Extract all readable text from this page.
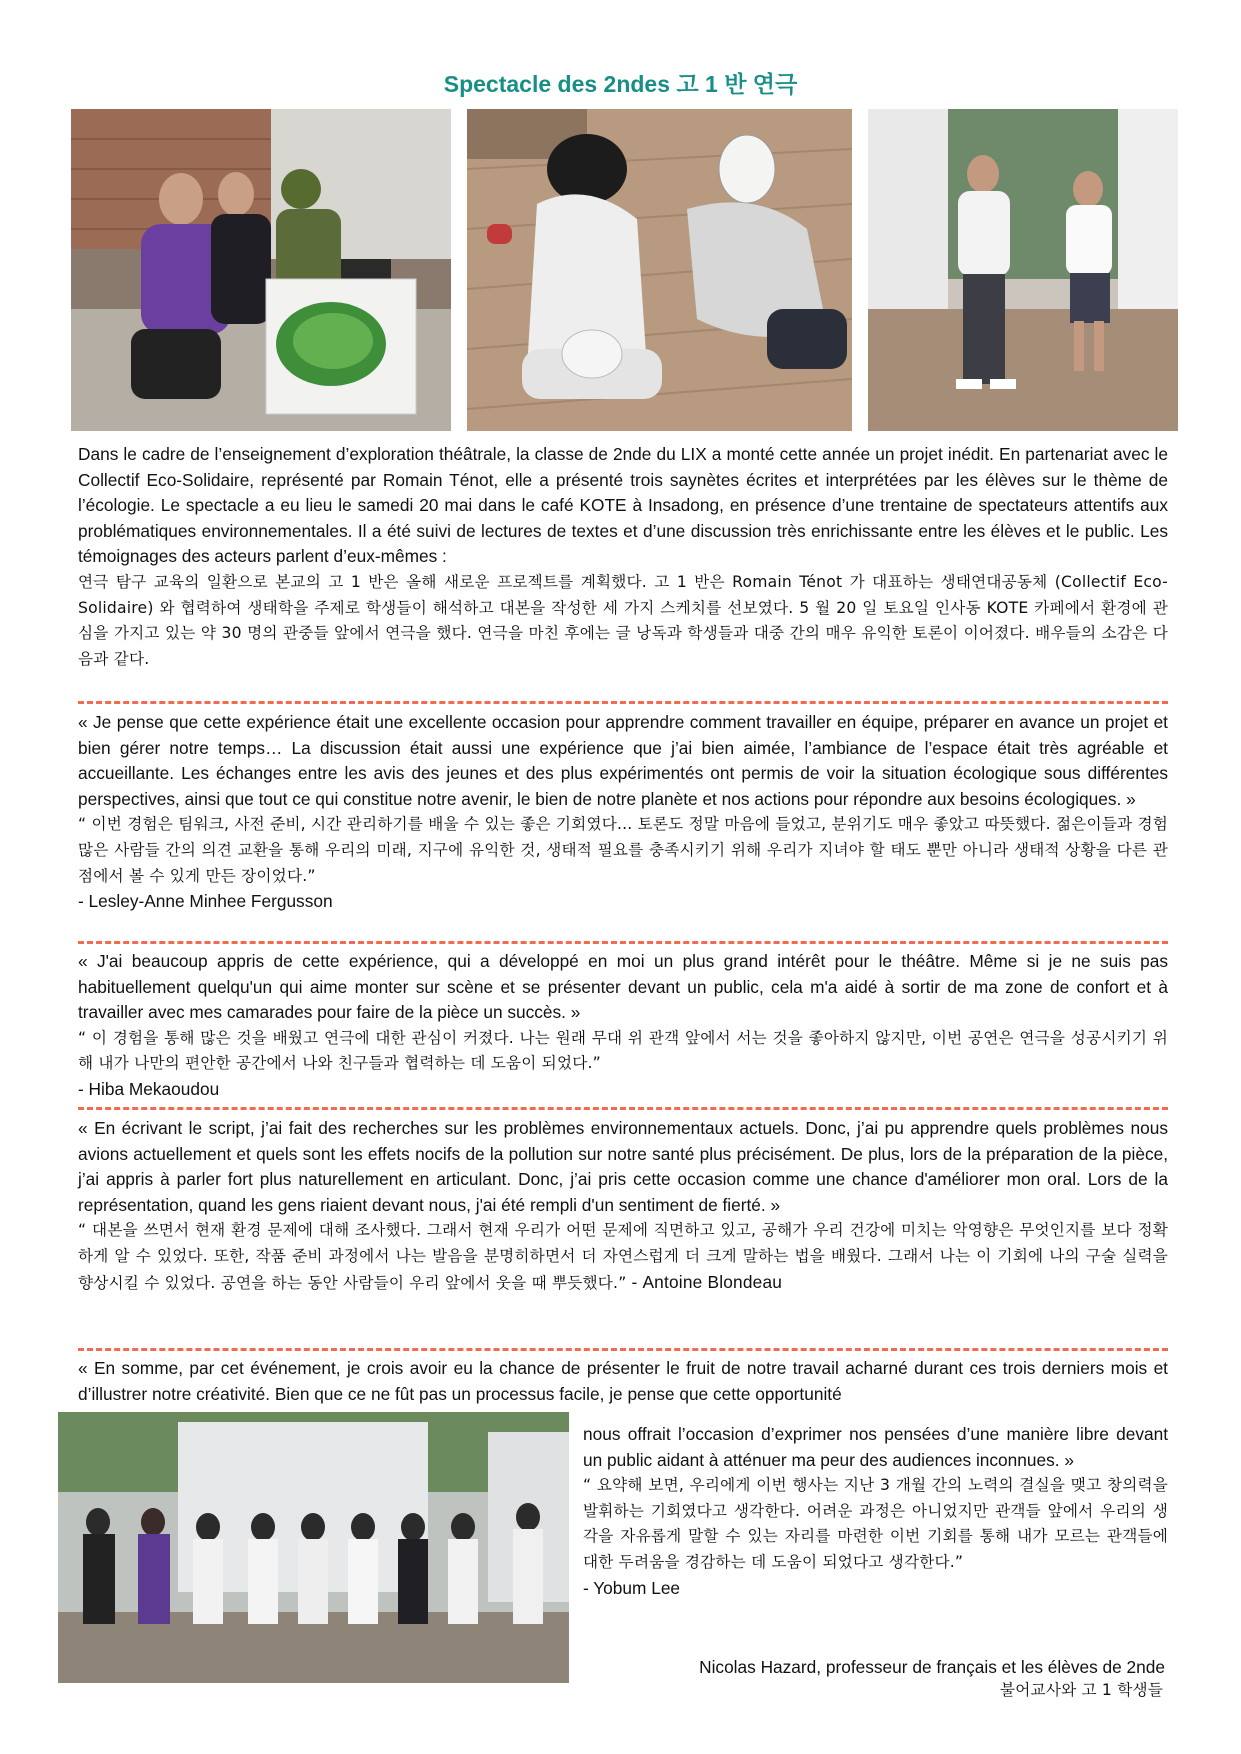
Spectacle des 2ndes 고 1 반 연극

Dans le cadre de l’enseignement d’exploration théâtrale, la classe de 2nde du LIX a monté cette année un projet inédit. En partenariat avec le Collectif Eco-Solidaire, représenté par Romain Ténot, elle a présenté trois saynètes écrites et interprétées par les élèves sur le thème de l’écologie. Le spectacle a eu lieu le samedi 20 mai dans le café KOTE à Insadong, en présence d’une trentaine de spectateurs attentifs aux problématiques environnementales. Il a été suivi de lectures de textes et d’une discussion très enrichissante entre les élèves et le public. Les témoignages des acteurs parlent d’eux-mêmes :

연극 탐구 교육의 일환으로 본교의 고 1 반은 올해 새로운 프로젝트를 계획했다. 고 1 반은 Romain Ténot 가 대표하는 생태연대공동체 (Collectif Eco-Solidaire) 와 협력하여 생태학을 주제로 학생들이 해석하고 대본을 작성한 세 가지 스케치를 선보였다. 5 월 20 일 토요일 인사동 KOTE 카페에서 환경에 관심을 가지고 있는 약 30 명의 관중들 앞에서 연극을 했다. 연극을 마친 후에는 글 낭독과 학생들과 대중 간의 매우 유익한 토론이 이어졌다. 배우들의 소감은 다음과 같다.

« Je pense que cette expérience était une excellente occasion pour apprendre comment travailler en équipe, préparer en avance un projet et bien gérer notre temps… La discussion était aussi une expérience que j’ai bien aimée, l’ambiance de l’espace était très agréable et accueillante. Les échanges entre les avis des jeunes et des plus expérimentés ont permis de voir la situation écologique sous différentes perspectives, ainsi que tout ce qui constitue notre avenir, le bien de notre planète et nos actions pour répondre aux besoins écologiques. »

“ 이번 경험은 팀워크, 사전 준비, 시간 관리하기를 배울 수 있는 좋은 기회였다... 토론도 정말 마음에 들었고, 분위기도 매우 좋았고 따뜻했다. 젊은이들과 경험 많은 사람들 간의 의견 교환을 통해 우리의 미래, 지구에 유익한 것, 생태적 필요를 충족시키기 위해 우리가 지녀야 할 태도 뿐만 아니라 생태적 상황을 다른 관점에서 볼 수 있게 만든 장이었다.”

- Lesley-Anne Minhee Fergusson

« J'ai beaucoup appris de cette expérience, qui a développé en moi un plus grand intérêt pour le théâtre. Même si je ne suis pas habituellement quelqu'un qui aime monter sur scène et se présenter devant un public, cela m'a aidé à sortir de ma zone de confort et à travailler avec mes camarades pour faire de la pièce un succès. »

“ 이 경험을 통해 많은 것을 배웠고 연극에 대한 관심이 커졌다. 나는 원래 무대 위 관객 앞에서 서는 것을 좋아하지 않지만, 이번 공연은 연극을 성공시키기 위해 내가 나만의 편안한 공간에서 나와 친구들과 협력하는 데 도움이 되었다.”

- Hiba Mekaoudou

« En écrivant le script, j’ai fait des recherches sur les problèmes environnementaux actuels. Donc, j’ai pu apprendre quels problèmes nous avions actuellement et quels sont les effets nocifs de la pollution sur notre santé plus précisément. De plus, lors de la préparation de la pièce, j’ai appris à parler fort plus naturellement en articulant. Donc, j’ai pris cette occasion comme une chance d'améliorer mon oral. Lors de la représentation, quand les gens riaient devant nous, j'ai été rempli d'un sentiment de fierté. »

“ 대본을 쓰면서 현재 환경 문제에 대해 조사했다. 그래서 현재 우리가 어떤 문제에 직면하고 있고, 공해가 우리 건강에 미치는 악영향은 무엇인지를 보다 정확하게 알 수 있었다. 또한, 작품 준비 과정에서 나는 발음을 분명히하면서 더 자연스럽게 더 크게 말하는 법을 배웠다. 그래서 나는 이 기회에 나의 구술 실력을 향상시킬 수 있었다. 공연을 하는 동안 사람들이 우리 앞에서 웃을 때 뿌듯했다.” - Antoine Blondeau

« En somme, par cet événement, je crois avoir eu la chance de présenter le fruit de notre travail acharné durant ces trois derniers mois et d’illustrer notre créativité. Bien que ce ne fût pas un processus facile, je pense que cette opportunité

nous offrait l’occasion d’exprimer nos pensées d’une manière libre devant un public aidant à atténuer ma peur des audiences inconnues. »

“ 요약해 보면, 우리에게 이번 행사는 지난 3 개월 간의 노력의 결실을 맺고 창의력을 발휘하는 기회였다고 생각한다. 어려운 과정은 아니었지만 관객들 앞에서 우리의 생각을 자유롭게 말할 수 있는 자리를 마련한 이번 기회를 통해 내가 모르는 관객들에 대한 두려움을 경감하는 데 도움이 되었다고 생각한다.”

- Yobum Lee

Nicolas Hazard, professeur de français et les élèves de 2nde
불어교사와 고 1 학생들
